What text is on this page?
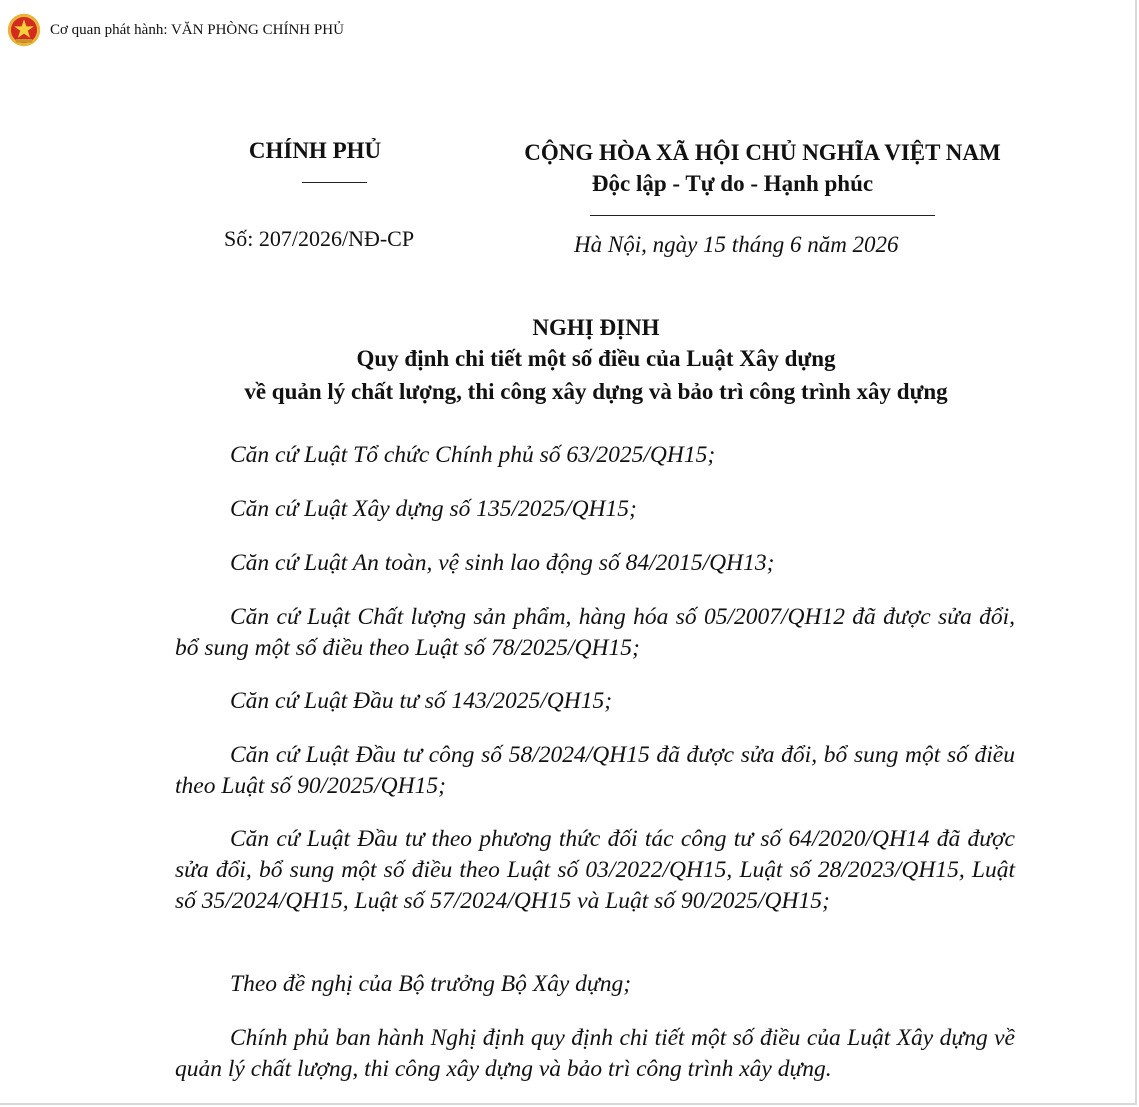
Cơ quan phát hành: VĂN PHÒNG CHÍNH PHỦ
CHÍNH PHỦ	CỘNG HÒA XÃ HỘI CHỦ NGHĨA VIỆT NAM
Độc lập - Tự do - Hạnh phúc
Số: 207/2026/NĐ-CP	Hà Nội, ngày 15 tháng 6 năm 2026
NGHỊ ĐỊNH
Quy định chi tiết một số điều của Luật Xây dựng
về quản lý chất lượng, thi công xây dựng và bảo trì công trình xây dựng

Căn cứ Luật Tổ chức Chính phủ số 63/2025/QH15;

Căn cứ Luật Xây dựng số 135/2025/QH15;

Căn cứ Luật An toàn, vệ sinh lao động số 84/2015/QH13;

Căn cứ Luật Chất lượng sản phẩm, hàng hóa số 05/2007/QH12 đã được sửa đổi, bổ sung một số điều theo Luật số 78/2025/QH15;

Căn cứ Luật Đầu tư số 143/2025/QH15;

Căn cứ Luật Đầu tư công số 58/2024/QH15 đã được sửa đổi, bổ sung một số điều theo Luật số 90/2025/QH15;

Căn cứ Luật Đầu tư theo phương thức đối tác công tư số 64/2020/QH14 đã được sửa đổi, bổ sung một số điều theo Luật số 03/2022/QH15, Luật số 28/2023/QH15, Luật số 35/2024/QH15, Luật số 57/2024/QH15 và Luật số 90/2025/QH15;

Theo đề nghị của Bộ trưởng Bộ Xây dựng;

Chính phủ ban hành Nghị định quy định chi tiết một số điều của Luật Xây dựng về quản lý chất lượng, thi công xây dựng và bảo trì công trình xây dựng.
